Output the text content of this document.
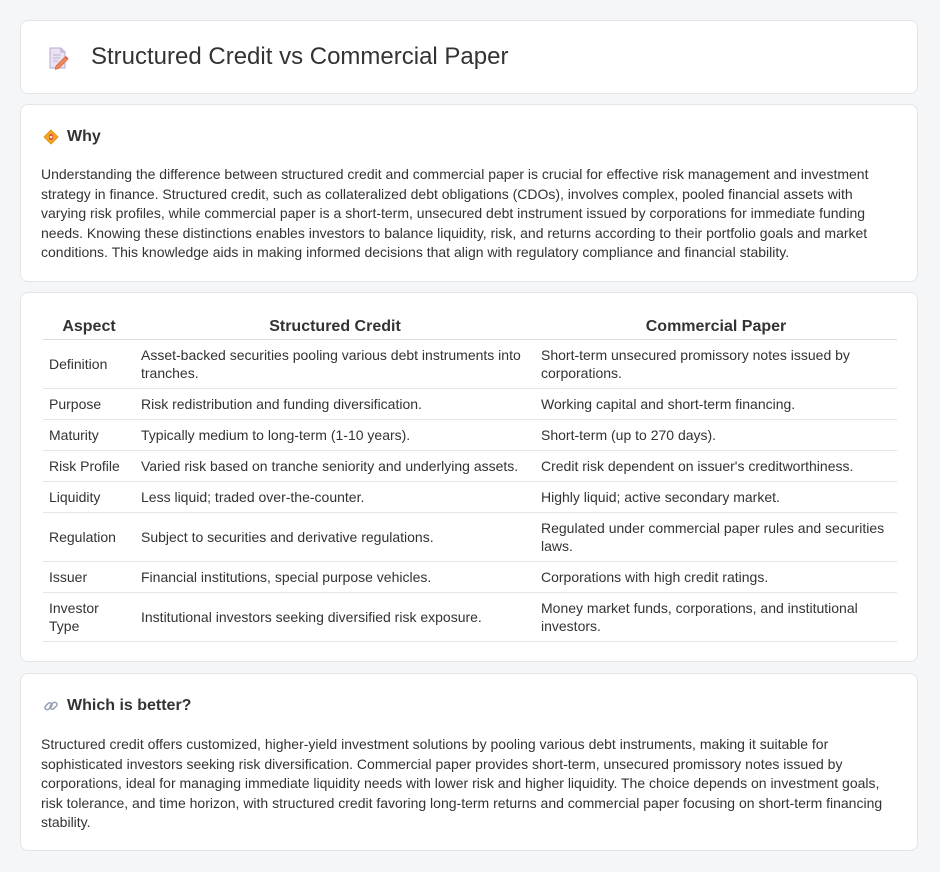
Structured Credit vs Commercial Paper
Why
Understanding the difference between structured credit and commercial paper is crucial for effective risk management and investment strategy in finance. Structured credit, such as collateralized debt obligations (CDOs), involves complex, pooled financial assets with varying risk profiles, while commercial paper is a short-term, unsecured debt instrument issued by corporations for immediate funding needs. Knowing these distinctions enables investors to balance liquidity, risk, and returns according to their portfolio goals and market conditions. This knowledge aids in making informed decisions that align with regulatory compliance and financial stability.
Aspect	Structured Credit	Commercial Paper
Definition	Asset-backed securities pooling various debt instruments into tranches.	Short-term unsecured promissory notes issued by corporations.
Purpose	Risk redistribution and funding diversification.	Working capital and short-term financing.
Maturity	Typically medium to long-term (1-10 years).	Short-term (up to 270 days).
Risk Profile	Varied risk based on tranche seniority and underlying assets.	Credit risk dependent on issuer's creditworthiness.
Liquidity	Less liquid; traded over-the-counter.	Highly liquid; active secondary market.
Regulation	Subject to securities and derivative regulations.	Regulated under commercial paper rules and securities laws.
Issuer	Financial institutions, special purpose vehicles.	Corporations with high credit ratings.
Investor Type	Institutional investors seeking diversified risk exposure.	Money market funds, corporations, and institutional investors.
Which is better?
Structured credit offers customized, higher-yield investment solutions by pooling various debt instruments, making it suitable for sophisticated investors seeking risk diversification. Commercial paper provides short-term, unsecured promissory notes issued by corporations, ideal for managing immediate liquidity needs with lower risk and higher liquidity. The choice depends on investment goals, risk tolerance, and time horizon, with structured credit favoring long-term returns and commercial paper focusing on short-term financing stability.
